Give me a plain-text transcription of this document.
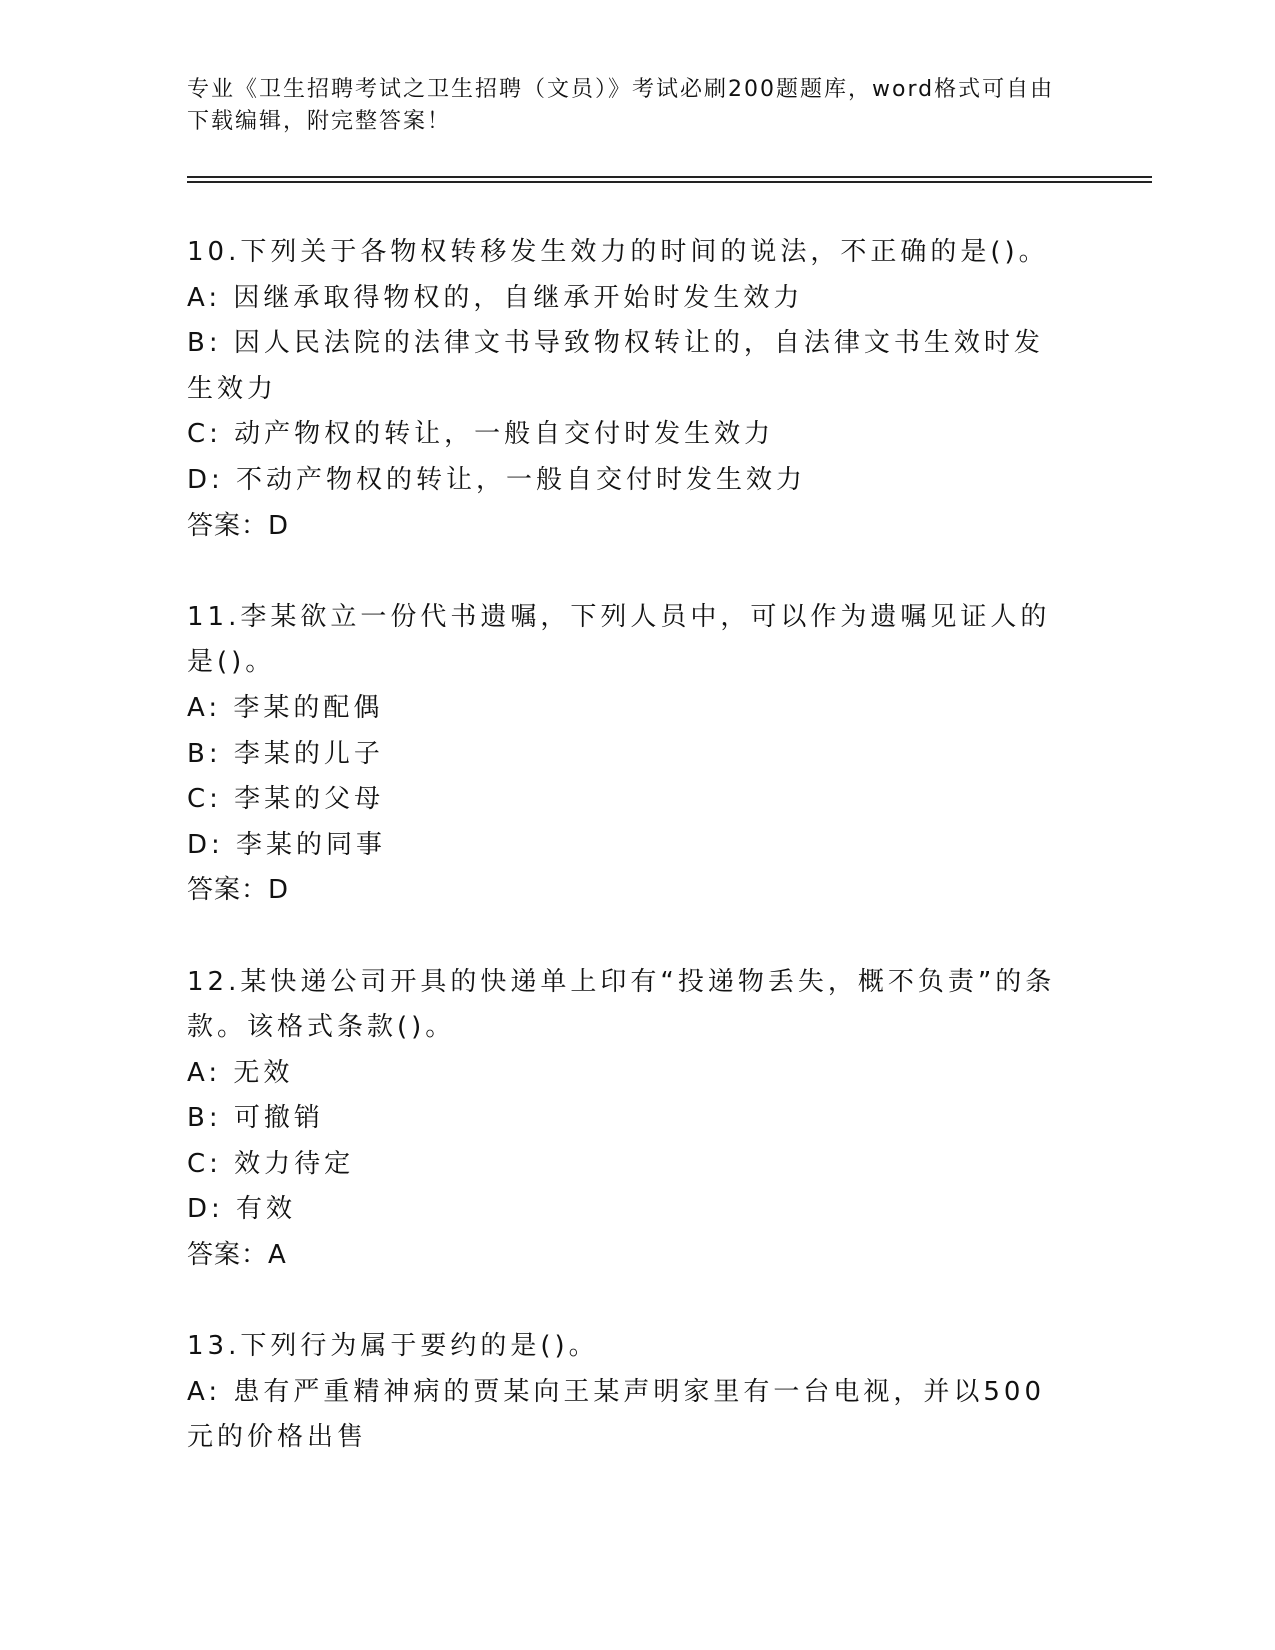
专业《卫生招聘考试之卫生招聘（文员）》考试必刷200题题库，word格式可自由下载编辑，附完整答案！
10.下列关于各物权转移发生效力的时间的说法，不正确的是()。
A: 因继承取得物权的，自继承开始时发生效力
B: 因人民法院的法律文书导致物权转让的，自法律文书生效时发生效力
C: 动产物权的转让，一般自交付时发生效力
D: 不动产物权的转让，一般自交付时发生效力
答案：D
11.李某欲立一份代书遗嘱，下列人员中，可以作为遗嘱见证人的是()。
A: 李某的配偶
B: 李某的儿子
C: 李某的父母
D: 李某的同事
答案：D
12.某快递公司开具的快递单上印有“投递物丢失，概不负责”的条款。该格式条款()。
A: 无效
B: 可撤销
C: 效力待定
D: 有效
答案：A
13.下列行为属于要约的是()。
A: 患有严重精神病的贾某向王某声明家里有一台电视，并以500元的价格出售
